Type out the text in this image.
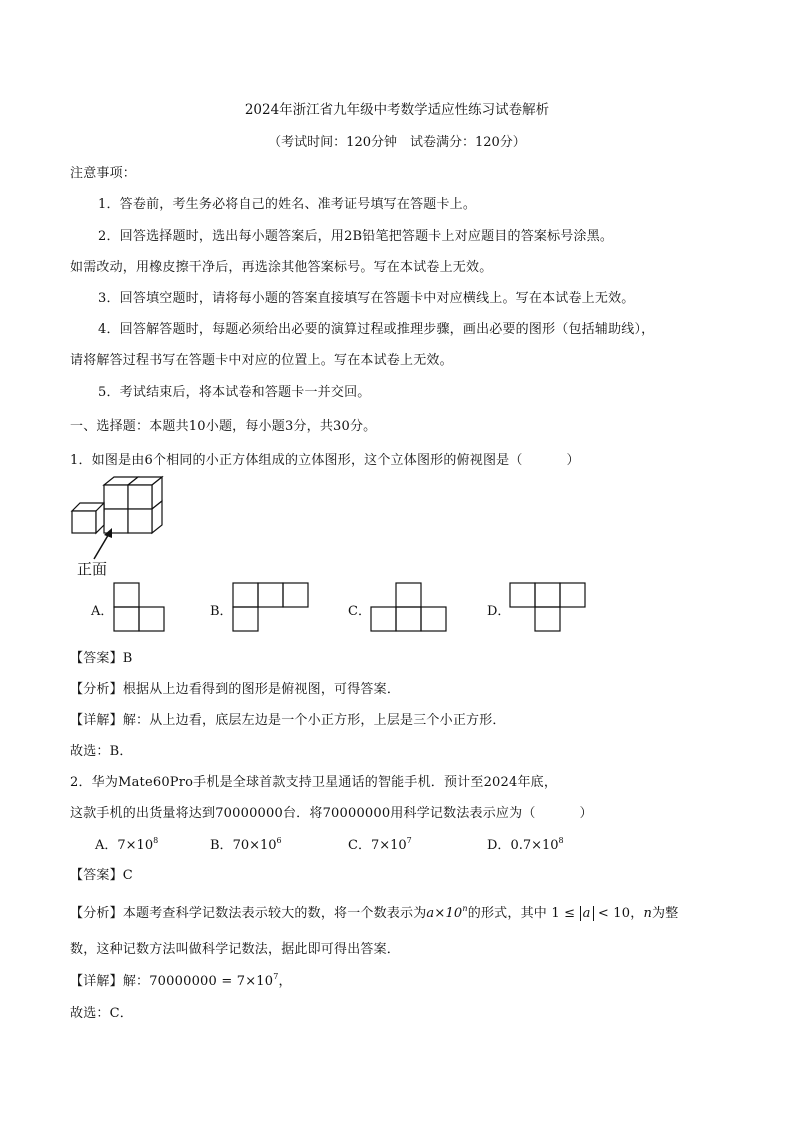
2024年浙江省九年级中考数学适应性练习试卷解析
（考试时间：120分钟　试卷满分：120分）
注意事项：
1．答卷前，考生务必将自己的姓名、准考证号填写在答题卡上。
2．回答选择题时，选出每小题答案后，用2B铅笔把答题卡上对应题目的答案标号涂黑。
如需改动，用橡皮擦干净后，再选涂其他答案标号。写在本试卷上无效。
3．回答填空题时，请将每小题的答案直接填写在答题卡中对应横线上。写在本试卷上无效。
4．回答解答题时，每题必须给出必要的演算过程或推理步骤，画出必要的图形（包括辅助线），
请将解答过程书写在答题卡中对应的位置上。写在本试卷上无效。
5．考试结束后，将本试卷和答题卡一并交回。
一、选择题：本题共10小题，每小题3分，共30分。
1．如图是由6个相同的小正方体组成的立体图形，这个立体图形的俯视图是（	）
正面
A．	B．	C．	D．
【答案】B
【分析】根据从上边看得到的图形是俯视图，可得答案．
【详解】解：从上边看，底层左边是一个小正方形，上层是三个小正方形．
故选：B．
2．华为Mate60Pro手机是全球首款支持卫星通话的智能手机．预计至2024年底，
这款手机的出货量将达到70000000台．将70000000用科学记数法表示应为（	）
A．$7\times 10^8$	B．$70\times 10^6$	C．$7\times 10^7$	D．$0.7\times 10^8$
【答案】C
【分析】本题考查科学记数法表示较大的数，将一个数表示为$a\times 10^n$的形式，其中 1 ≤ a < 10，n为整
数，这种记数方法叫做科学记数法，据此即可得出答案．
【详解】解：$70000000 = 7\times 10^7$，
故选：C．
